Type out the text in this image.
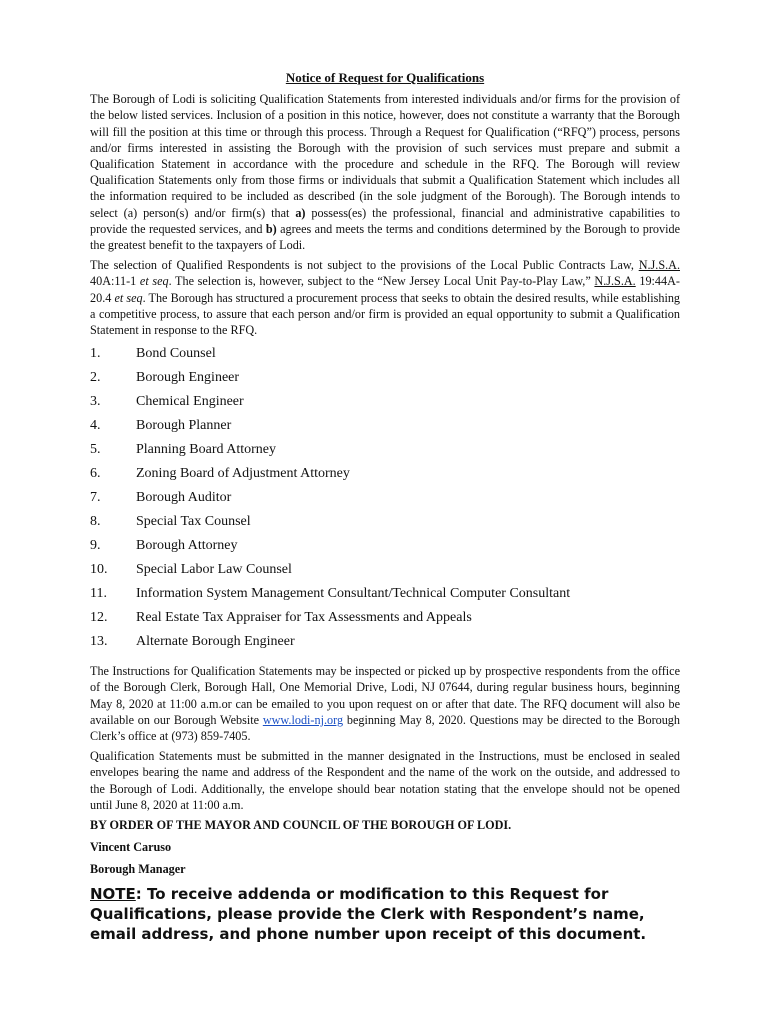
Notice of Request for Qualifications

The Borough of Lodi is soliciting Qualification Statements from interested individuals and/or firms for the provision of the below listed services. Inclusion of a position in this notice, however, does not constitute a warranty that the Borough will fill the position at this time or through this process. Through a Request for Qualification (“RFQ”) process, persons and/or firms interested in assisting the Borough with the provision of such services must prepare and submit a Qualification Statement in accordance with the procedure and schedule in the RFQ. The Borough will review Qualification Statements only from those firms or individuals that submit a Qualification Statement which includes all the information required to be included as described (in the sole judgment of the Borough). The Borough intends to select (a) person(s) and/or firm(s) that a) possess(es) the professional, financial and administrative capabilities to provide the requested services, and b) agrees and meets the terms and conditions determined by the Borough to provide the greatest benefit to the taxpayers of Lodi.

The selection of Qualified Respondents is not subject to the provisions of the Local Public Contracts Law, N.J.S.A. 40A:11-1 et seq. The selection is, however, subject to the “New Jersey Local Unit Pay-to-Play Law,” N.J.S.A. 19:44A-20.4 et seq. The Borough has structured a procurement process that seeks to obtain the desired results, while establishing a competitive process, to assure that each person and/or firm is provided an equal opportunity to submit a Qualification Statement in response to the RFQ.

1.	Bond Counsel
2.	Borough Engineer
3.	Chemical Engineer
4.	Borough Planner
5.	Planning Board Attorney
6.	Zoning Board of Adjustment Attorney
7.	Borough Auditor
8.	Special Tax Counsel
9.	Borough Attorney
10.	Special Labor Law Counsel
11.	Information System Management Consultant/Technical Computer Consultant
12.	Real Estate Tax Appraiser for Tax Assessments and Appeals
13.	Alternate Borough Engineer

The Instructions for Qualification Statements may be inspected or picked up by prospective respondents from the office of the Borough Clerk, Borough Hall, One Memorial Drive, Lodi, NJ 07644, during regular business hours, beginning May 8, 2020 at 11:00 a.m.or can be emailed to you upon request on or after that date. The RFQ document will also be available on our Borough Website www.lodi-nj.org beginning May 8, 2020. Questions may be directed to the Borough Clerk’s office at (973) 859-7405.

Qualification Statements must be submitted in the manner designated in the Instructions, must be enclosed in sealed envelopes bearing the name and address of the Respondent and the name of the work on the outside, and addressed to the Borough of Lodi. Additionally, the envelope should bear notation stating that the envelope should not be opened until June 8, 2020 at 11:00 a.m.

BY ORDER OF THE MAYOR AND COUNCIL OF THE BOROUGH OF LODI.
Vincent Caruso
Borough Manager
NOTE: To receive addenda or modification to this Request for Qualifications, please provide the Clerk with Respondent’s name, email address, and phone number upon receipt of this document.
